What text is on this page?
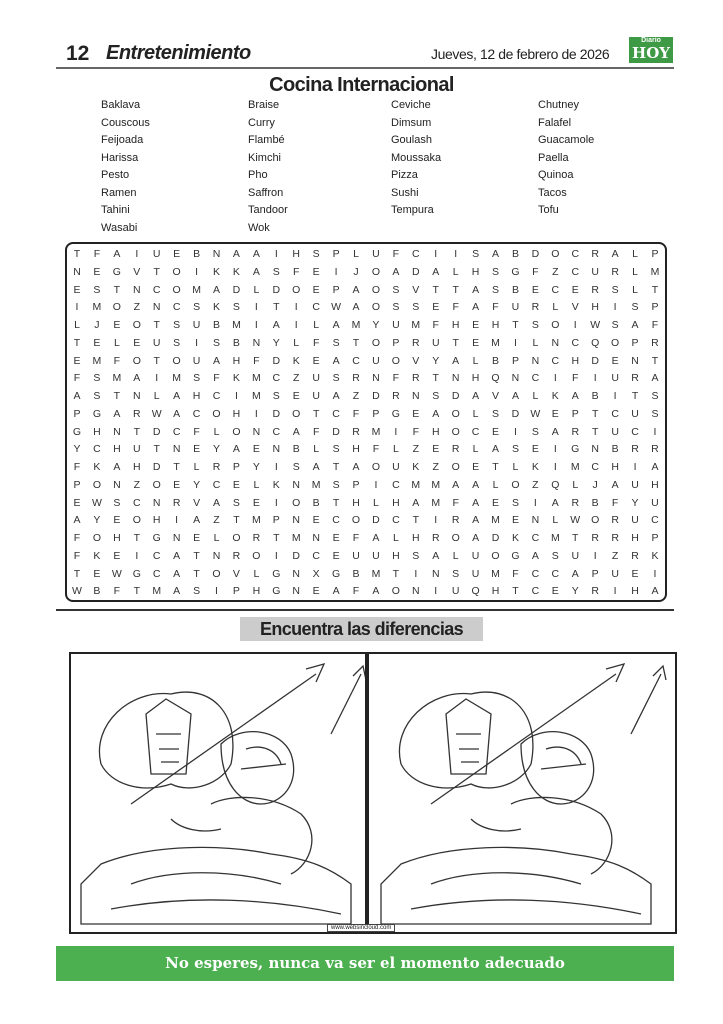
12 Entretenimiento	Jueves, 12 de febrero de 2026
Diario
HOY
Cocina Internacional
Baklava	Braise	Ceviche	Chutney
Couscous	Curry	Dimsum	Falafel
Feijoada	Flambé	Goulash	Guacamole
Harissa	Kimchi	Moussaka	Paella
Pesto	Pho	Pizza	Quinoa
Ramen	Saffron	Sushi	Tacos
Tahini	Tandoor	Tempura	Tofu
Wasabi	Wok
T	F	A	I	U	E	B	N	A	A	I	H	S	P	L	U	F	C	I	I	S	A	B	D	O	C	R	A	L	P
N	E	G	V	T	O	I	K	K	A	S	F	E	I	J	O	A	D	A	L	H	S	G	F	Z	C	U	R	L	M
E	S	T	N	C	O	M	A	D	L	D	O	E	P	A	O	S	V	T	T	A	S	B	E	C	E	R	S	L	T
I	M	O	Z	N	C	S	K	S	I	T	I	C	W	A	O	S	S	E	F	A	F	U	R	L	V	H	I	S	P
L	J	E	O	T	S	U	B	M	I	A	I	L	A	M	Y	U	M	F	H	E	H	T	S	O	I	W	S	A	F
T	E	L	E	U	S	I	S	B	N	Y	L	F	S	T	O	P	R	U	T	E	M	I	L	N	C	Q	O	P	R
E	M	F	O	T	O	U	A	H	F	D	K	E	A	C	U	O	V	Y	A	L	B	P	N	C	H	D	E	N	T
F	S	M	A	I	M	S	F	K	M	C	Z	U	S	R	N	F	R	T	N	H	Q	N	C	I	F	I	U	R	A
A	S	T	N	L	A	H	C	I	M	S	E	U	A	Z	D	R	N	S	D	A	V	A	L	K	A	B	I	T	S
P	G	A	R	W	A	C	O	H	I	D	O	T	C	F	P	G	E	A	O	L	S	D	W	E	P	T	C	U	S
G	H	N	T	D	C	F	L	O	N	C	A	F	D	R	M	I	F	H	O	C	E	I	S	A	R	T	U	C	I
Y	C	H	U	T	N	E	Y	A	E	N	B	L	S	H	F	L	Z	E	R	L	A	S	E	I	G	N	B	R	R
F	K	A	H	D	T	L	R	P	Y	I	S	A	T	A	O	U	K	Z	O	E	T	L	K	I	M	C	H	I	A
P	O	N	Z	O	E	Y	C	E	L	K	N	M	S	P	I	C	M	M	A	A	L	O	Z	Q	L	J	A	U	H
E	W	S	C	N	R	V	A	S	E	I	O	B	T	H	L	H	A	M	F	A	E	S	I	A	R	B	F	Y	U
A	Y	E	O	H	I	A	Z	T	M	P	N	E	C	O	D	C	T	I	R	A	M	E	N	L	W	O	R	U	C
F	O	H	T	G	N	E	L	O	R	T	M	N	E	F	A	L	H	R	O	A	D	K	C	M	T	R	R	H	P
F	K	E	I	C	A	T	N	R	O	I	D	C	E	U	U	H	S	A	L	U	O	G	A	S	U	I	Z	R	K
T	E	W	G	C	A	T	O	V	L	G	N	X	G	B	M	T	I	N	S	U	M	F	C	C	A	P	U	E	I
W	B	F	T	M	A	S	I	P	H	G	N	E	A	F	A	O	N	I	U	Q	H	T	C	E	Y	R	I	H	A
Encuentra las diferencias
www.websincloud.com
No esperes, nunca va ser el momento adecuado
